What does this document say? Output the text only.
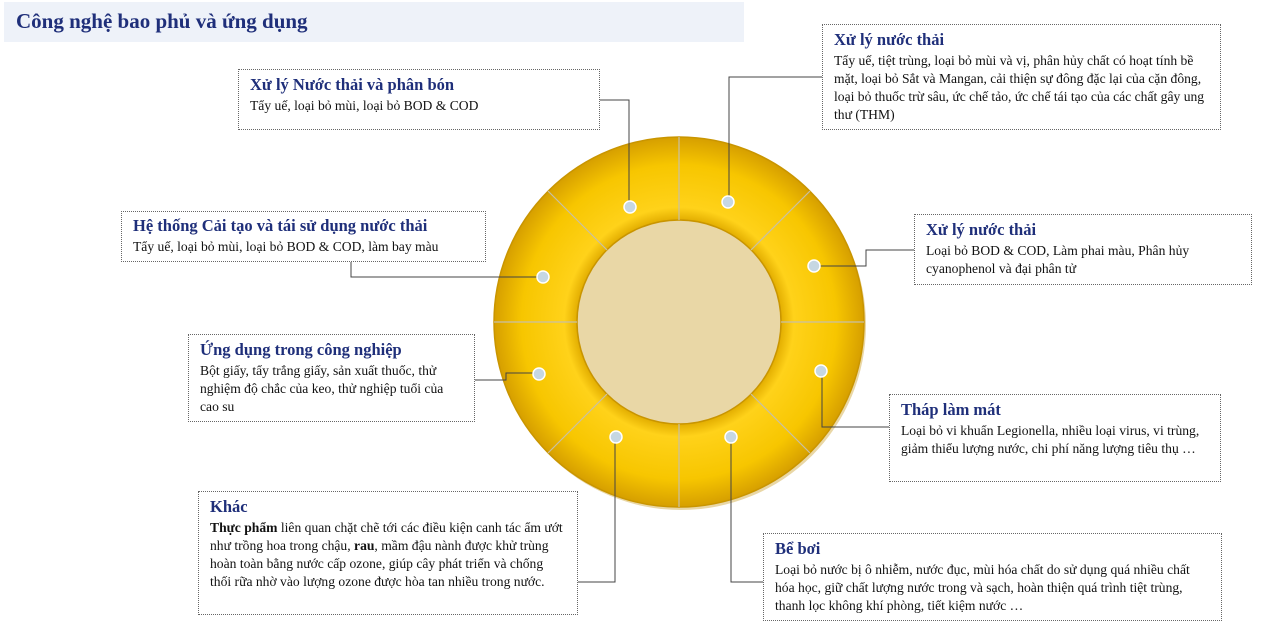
Công nghệ bao phủ và ứng dụng
Xử lý Nước thải và phân bón

Tẩy uế, loại bỏ mùi, loại bỏ BOD & COD

Xử lý nước thải

Tẩy uế, tiệt trùng, loại bỏ mùi và vị, phân hủy chất có hoạt tính bề mặt, loại bỏ Sắt và Mangan, cải thiện sự đông đặc lại của cặn đông, loại bỏ thuốc trừ sâu, ức chế tảo, ức chế tái tạo của các chất gây ung thư (THM)

Hệ thống Cải tạo và tái sử dụng nước thải

Tẩy uế, loại bỏ mùi, loại bỏ BOD & COD, làm bay màu

Xử lý nước thải

Loại bỏ BOD & COD, Làm phai màu, Phân hủy cyanophenol và đại phân tử

Ứng dụng trong công nghiệp

Bột giấy, tẩy trắng giấy, sản xuất thuốc, thử nghiệm độ chắc của keo, thử nghiệp tuổi của cao su	Tháp làm mát

Loại bỏ vi khuẩn Legionella, nhiều loại virus, vi trùng, giảm thiểu lượng nước, chi phí năng lượng tiêu thụ …

Khác

Thực phẩm liên quan chặt chẽ tới các điều kiện canh tác ẩm ướt như trồng hoa trong chậu, rau, mầm đậu nành được khử trùng hoàn toàn bằng nước cấp ozone, giúp cây phát triển và chống thối rữa nhờ vào lượng ozone được hòa tan nhiều trong nước.

Bể bơi

Loại bỏ nước bị ô nhiễm, nước đục, mùi hóa chất do sử dụng quá nhiều chất hóa học, giữ chất lượng nước trong và sạch, hoàn thiện quá trình tiệt trùng, thanh lọc không khí phòng, tiết kiệm nước …
